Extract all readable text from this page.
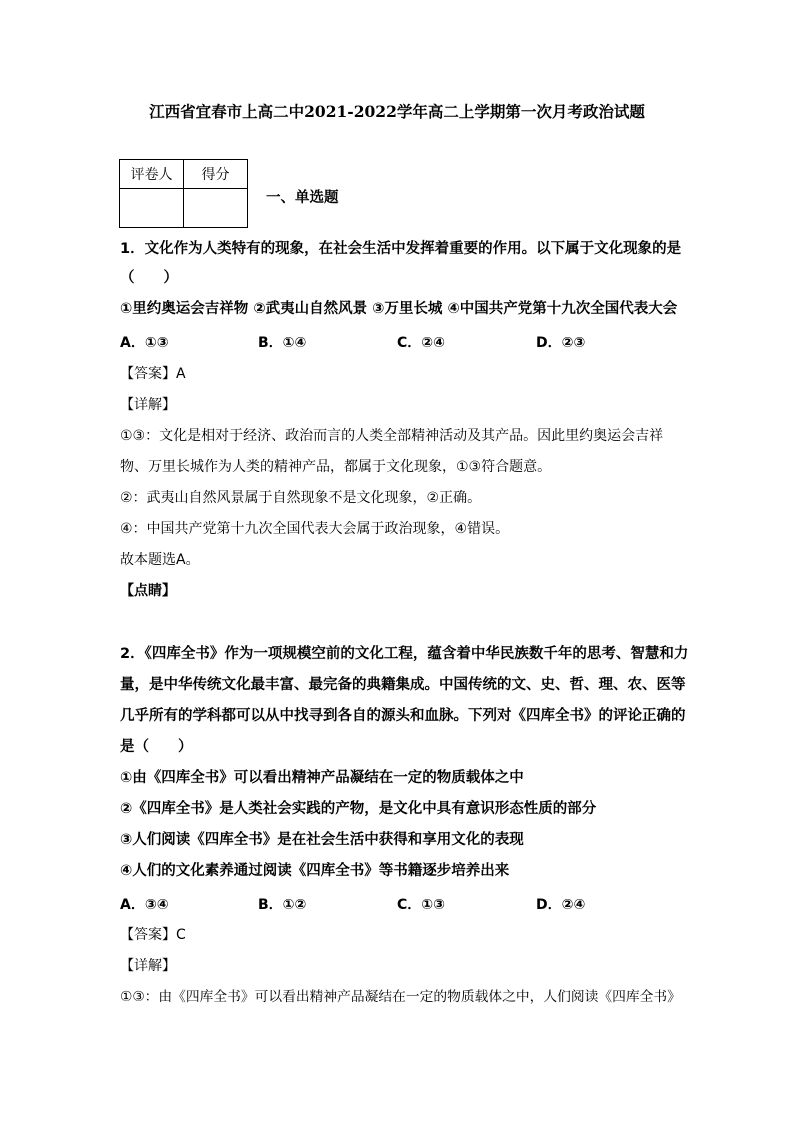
江西省宜春市上高二中2021-2022学年高二上学期第一次月考政治试题
评卷人	得分

一、单选题
1．文化作为人类特有的现象，在社会生活中发挥着重要的作用。以下属于文化现象的是
（　　）
①里约奥运会吉祥物 ②武夷山自然风景 ③万里长城 ④中国共产党第十九次全国代表大会
A．①③	B．①④	C．②④	D．②③
【答案】A
【详解】
①③：文化是相对于经济、政治而言的人类全部精神活动及其产品。因此里约奥运会吉祥
物、万里长城作为人类的精神产品，都属于文化现象，①③符合题意。
②：武夷山自然风景属于自然现象不是文化现象，②正确。
④：中国共产党第十九次全国代表大会属于政治现象，④错误。
故本题选A。
【点睛】
2．《四库全书》作为一项规模空前的文化工程，蕴含着中华民族数千年的思考、智慧和力
量，是中华传统文化最丰富、最完备的典籍集成。中国传统的文、史、哲、理、农、医等
几乎所有的学科都可以从中找寻到各自的源头和血脉。下列对《四库全书》的评论正确的
是（　　）
①由《四库全书》可以看出精神产品凝结在一定的物质载体之中
②《四库全书》是人类社会实践的产物，是文化中具有意识形态性质的部分
③人们阅读《四库全书》是在社会生活中获得和享用文化的表现
④人们的文化素养通过阅读《四库全书》等书籍逐步培养出来
A．③④	B．①②	C．①③	D．②④
【答案】C
【详解】
①③：由《四库全书》可以看出精神产品凝结在一定的物质载体之中，人们阅读《四库全书》
